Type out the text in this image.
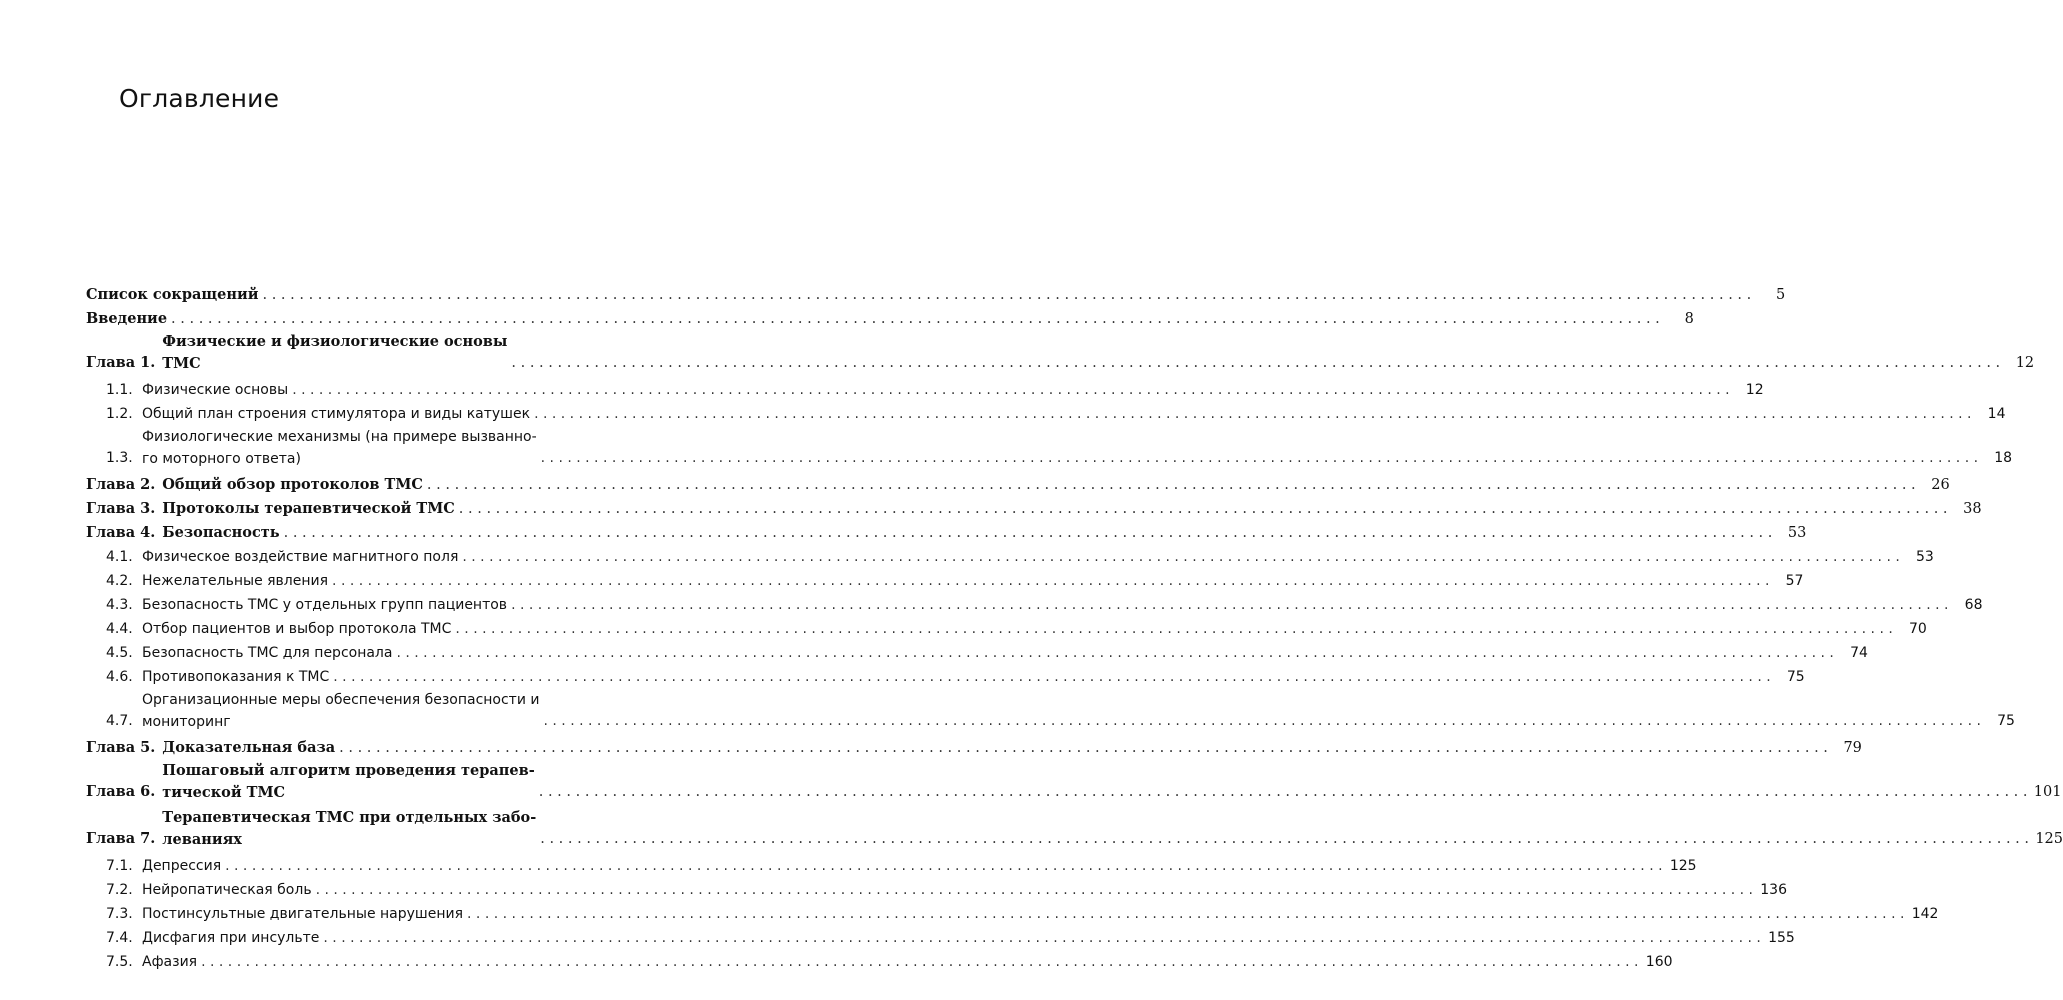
Оглавление
Список сокращений . . .	5
Введение . . .	8
Глава 1.
Физические и физиологические основы
ТМС . . .	12
1.1. Физические основы . . .	12
1.2. Общий план строения стимулятора и виды катушек . . .	14
1.3.
Физиологические механизмы (на примере вызванно-
го моторного ответа) . . .	18
Глава 2. Общий обзор протоколов ТМС . . .	26
Глава 3. Протоколы терапевтической ТМС . . .	38
Глава 4. Безопасность . . .	53
4.1. Физическое воздействие магнитного поля . . .	53
4.2. Нежелательные явления . . .	57
4.3. Безопасность ТМС у отдельных групп пациентов . . .	68
4.4. Отбор пациентов и выбор протокола ТМС . . .	70
4.5. Безопасность ТМС для персонала . . .	74
4.6. Противопоказания к ТМС . . .	75
4.7.
Организационные меры обеспечения безопасности и
мониторинг . . .	75
Глава 5. Доказательная база . . .	79
Глава 6.
Пошаговый алгоритм проведения терапев-
тической ТМС . . .	101
Глава 7.
Терапевтическая ТМС при отдельных забо-
леваниях . . .	125
7.1. Депрессия . . .	125
7.2. Нейропатическая боль . . .	136
7.3. Постинсультные двигательные нарушения . . .	142
7.4. Дисфагия при инсульте . . .	155
7.5. Афазия . . .	160
